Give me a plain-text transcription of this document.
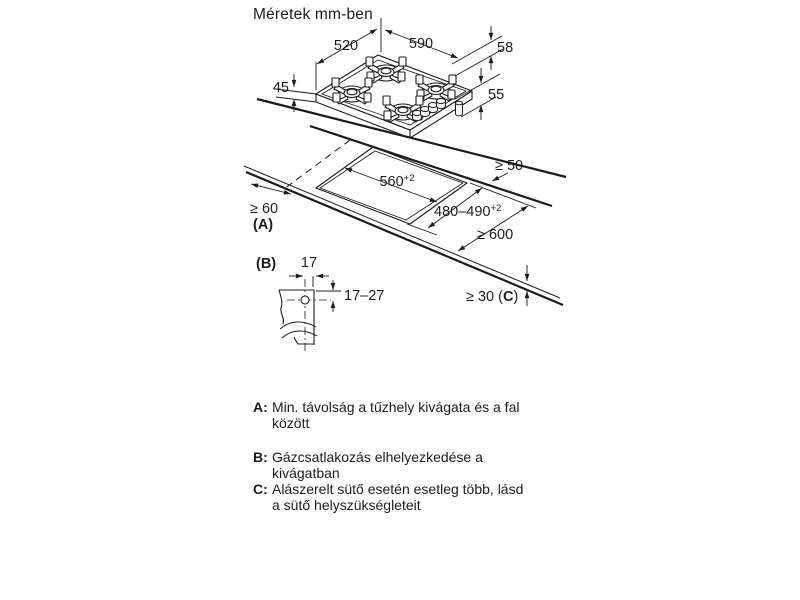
Méretek mm-ben
520	590	58
55
45
$560^{+2}$
$480-490^{+2}$
≥ 50
≥ 600
≥ 60
(A)
≥ 30 (C)
(B) 17
17–27
A: Min. távolság a tűzhely kivágata és a fal
között
B: Gázcsatlakozás elhelyezkedése a
kivágatban
C: Alászerelt sütő esetén esetleg több, lásd
a sütő helyszükségleteit
